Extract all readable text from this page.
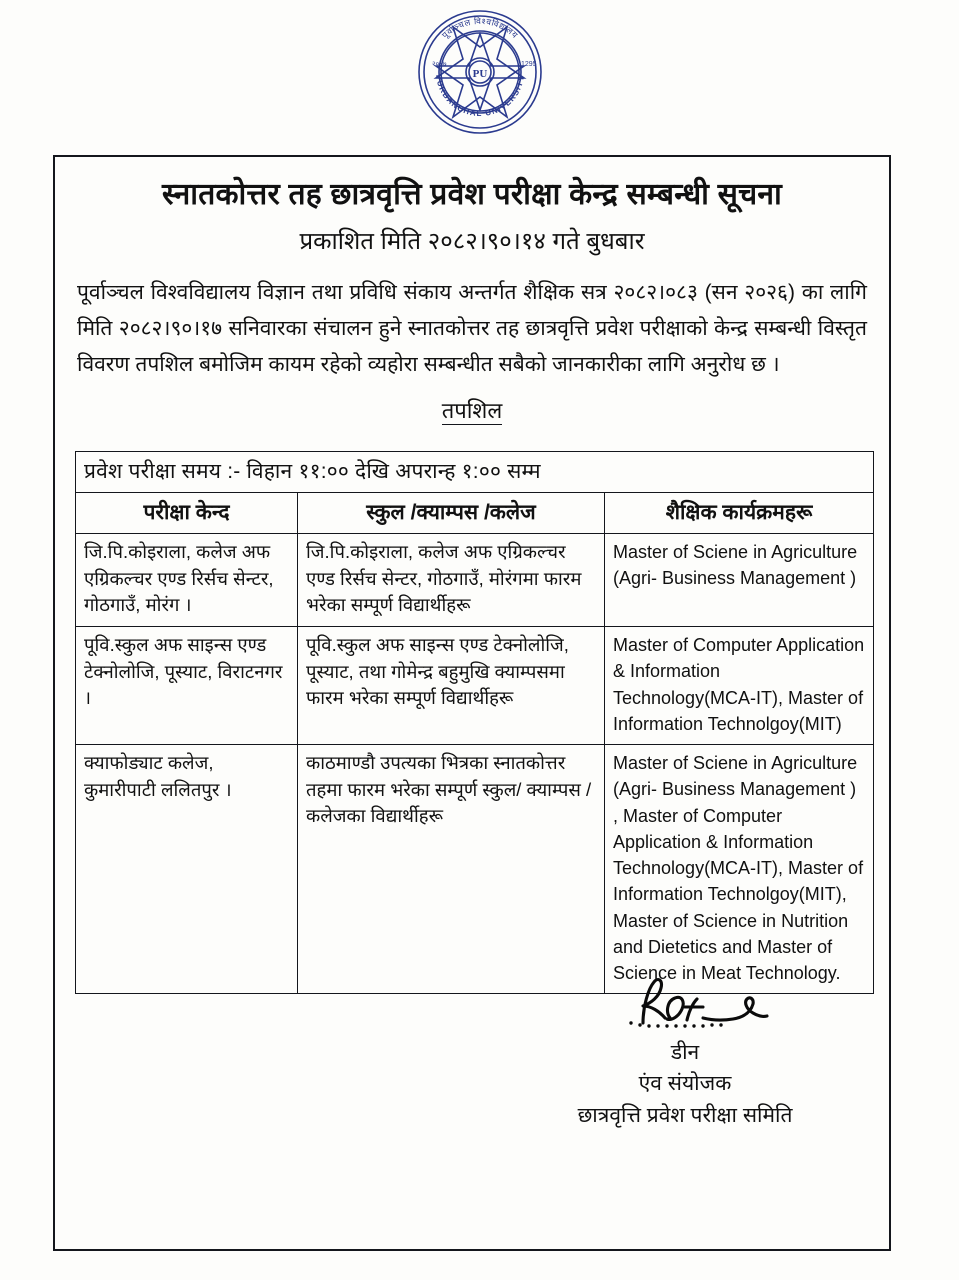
PU
पूर्वाञ्चल विश्वविद्यालय
PURBANCHAL UNIVERSITY
२०४७	1295
स्नातकोत्तर तह छात्रवृत्ति प्रवेश परीक्षा केन्द्र सम्बन्धी सूचना
प्रकाशित मिति २०८२।९०।१४ गते बुधबार

पूर्वाञ्चल विश्वविद्यालय विज्ञान तथा प्रविधि संकाय अन्तर्गत शैक्षिक सत्र २०८२।०८३ (सन २०२६) का लागि मिति २०८२।९०।१७ सनिवारका संचालन हुने स्नातकोत्तर तह छात्रवृत्ति प्रवेश परीक्षाको केन्द्र सम्बन्धी विस्तृत विवरण तपशिल बमोजिम कायम रहेको व्यहोरा सम्बन्धीत सबैको जानकारीका लागि अनुरोध छ ।

तपशिल
प्रवेश परीक्षा समय :- विहान ११:०० देखि अपरान्ह १:०० सम्म		
परीक्षा केन्द	स्कुल /क्याम्पस /कलेज	शैक्षिक कार्यक्रमहरू
जि.पि.कोइराला, कलेज अफ एग्रिकल्चर एण्ड रिर्सच सेन्टर, गोठगाउँ, मोरंग ।	जि.पि.कोइराला, कलेज अफ एग्रिकल्चर एण्ड रिर्सच सेन्टर, गोठगाउँ, मोरंगमा फारम भरेका सम्पूर्ण विद्यार्थीहरू	Master of Sciene in Agriculture (Agri- Business Management )
पूवि.स्कुल अफ साइन्स एण्ड टेक्नोलोजि, पूस्याट, विराटनगर ।	पूवि.स्कुल अफ साइन्स एण्ड टेक्नोलोजि, पूस्याट, तथा गोमेन्द्र बहुमुखि क्याम्पसमा फारम भरेका सम्पूर्ण विद्यार्थीहरू	Master of Computer Application & Information Technology(MCA-IT), Master of Information Technolgoy(MIT)
क्याफोड्याट कलेज, कुमारीपाटी ललितपुर ।	काठमाण्डौ उपत्यका भित्रका स्नातकोत्तर तहमा फारम भरेका सम्पूर्ण स्कुल/ क्याम्पस /कलेजका विद्यार्थीहरू	Master of Sciene in Agriculture (Agri- Business Management ) , Master of Computer Application & Information Technology(MCA-IT), Master of Information Technolgoy(MIT), Master of Science in Nutrition and Dietetics and Master of Science in Meat Technology.
डीन
एंव संयोजक
छात्रवृत्ति प्रवेश परीक्षा समिति
